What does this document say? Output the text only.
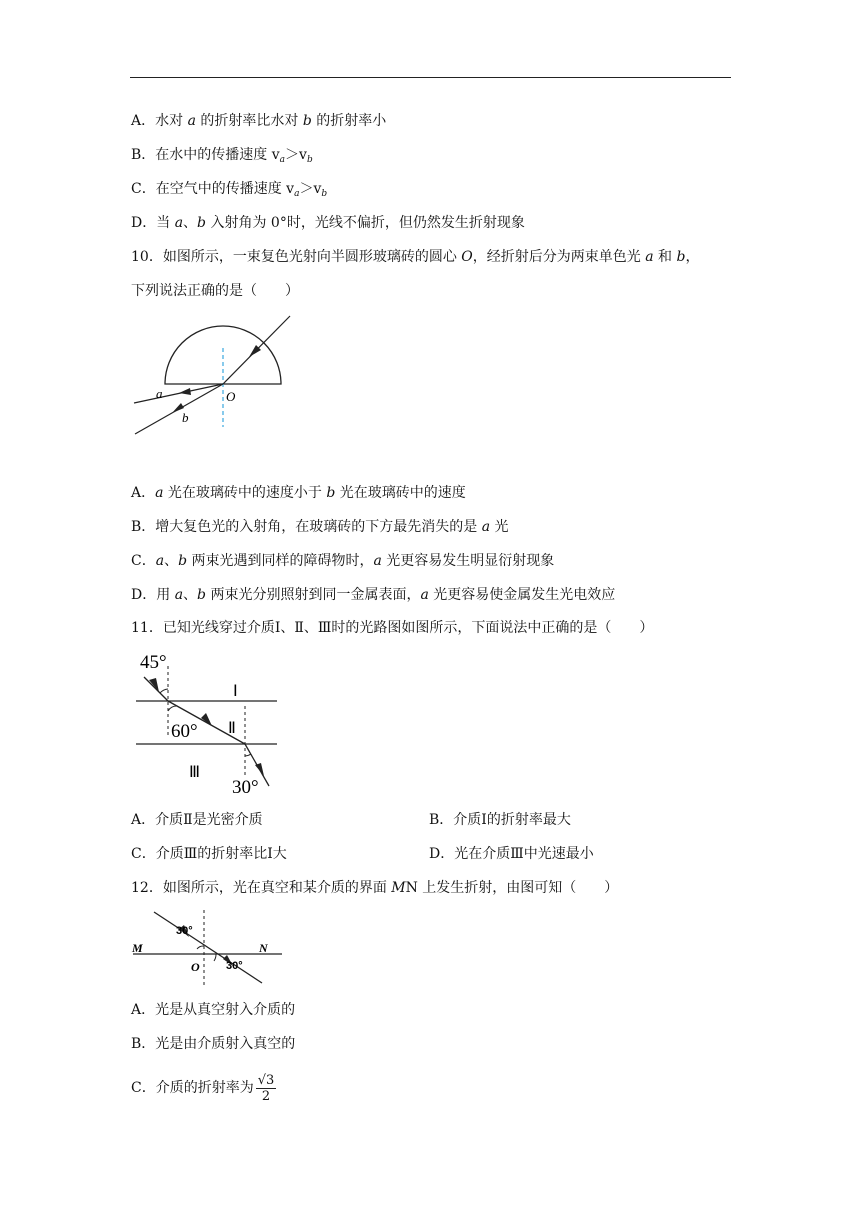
A．水对 a 的折射率比水对 b 的折射率小
B．在水中的传播速度 $v_a>v_b$
C．在空气中的传播速度 $v_a>v_b$
D．当 a、b 入射角为 0°时，光线不偏折，但仍然发生折射现象
10．如图所示，一束复色光射向半圆形玻璃砖的圆心 O，经折射后分为两束单色光 a 和 b，
下列说法正确的是（　　）
a
b
O
A．a 光在玻璃砖中的速度小于 b 光在玻璃砖中的速度
B．增大复色光的入射角，在玻璃砖的下方最先消失的是 a 光
C．a、b 两束光遇到同样的障碍物时，a 光更容易发生明显衍射现象
D．用 a、b 两束光分别照射到同一金属表面，a 光更容易使金属发生光电效应
11．已知光线穿过介质Ⅰ、Ⅱ、Ⅲ时的光路图如图所示，下面说法中正确的是（　　）
45°
60°
30°
Ⅰ
Ⅱ
Ⅲ
A．介质Ⅱ是光密介质	B．介质Ⅰ的折射率最大
C．介质Ⅲ的折射率比Ⅰ大	D．光在介质Ⅲ中光速最小
12．如图所示，光在真空和某介质的界面 MN 上发生折射，由图可知（　　）
M	N
O
30°
30°
A．光是从真空射入介质的
B．光是由介质射入真空的
C．介质的折射率为 $\frac{√3}{2}$
